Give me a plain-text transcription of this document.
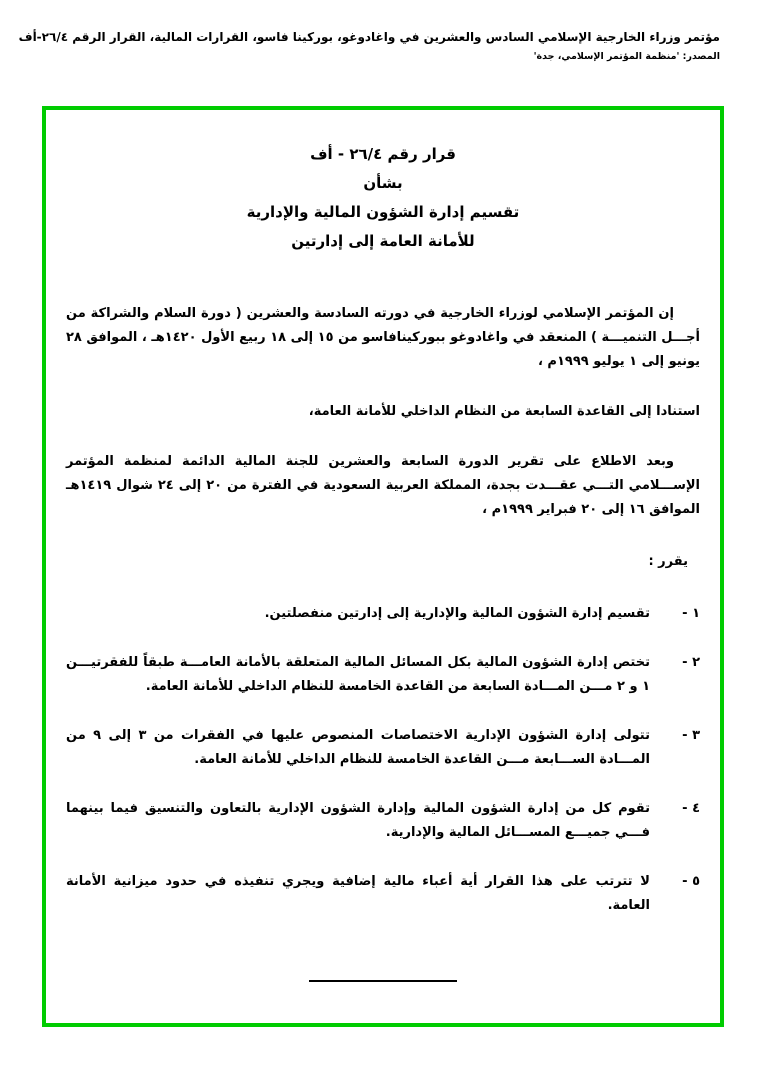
مؤتمر وزراء الخارجية الإسلامي السادس والعشرين في واغادوغو، بوركينا فاسو، القرارات المالية، القرار الرقم ٢٦/٤-أف
المصدر: 'منظمة المؤتمر الإسلامي، جدة'
قرار رقم ٢٦/٤ - أف
بشأن
تقسيم إدارة الشؤون المالية والإدارية
للأمانة العامة إلى إدارتين

إن المؤتمر الإسلامي لوزراء الخارجية في دورته السادسة والعشرين ( دورة السلام والشراكة من أجـــل التنميـــة ) المنعقد في واغادوغو ببوركينافاسو من ١٥ إلى ١٨ ربيع الأول ١٤٢٠هـ ، الموافق ٢٨ يونيو إلى ١ يوليو ١٩٩٩م ،

استنادا إلى القاعدة السابعة من النظام الداخلي للأمانة العامة،

وبعد الاطلاع على تقرير الدورة السابعة والعشرين للجنة المالية الدائمة لمنظمة المؤتمر الإســـلامي التـــي عقـــدت بجدة، المملكة العربية السعودية في الفترة من ٢٠ إلى ٢٤ شوال ١٤١٩هـ الموافق ١٦ إلى ٢٠ فبراير ١٩٩٩م ،

يقرر :

١ -
تقسيم إدارة الشؤون المالية والإدارية إلى إدارتين منفصلتين.
٢ -
تختص إدارة الشؤون المالية بكل المسائل المالية المتعلقة بالأمانة العامـــة طبقاً للفقرتيـــن ١ و ٢ مـــن المـــادة السابعة من القاعدة الخامسة للنظام الداخلي للأمانة العامة.
٣ -
تتولى إدارة الشؤون الإدارية الاختصاصات المنصوص عليها في الفقرات من ٣ إلى ٩ من المـــادة الســـابعة مـــن القاعدة الخامسة للنظام الداخلي للأمانة العامة.
٤ -
تقوم كل من إدارة الشؤون المالية وإدارة الشؤون الإدارية بالتعاون والتنسيق فيما بينهما فـــي جميـــع المســـائل المالية والإدارية.
٥ -
لا تترتب على هذا القرار أية أعباء مالية إضافية ويجري تنفيذه في حدود ميزانية الأمانة العامة.
